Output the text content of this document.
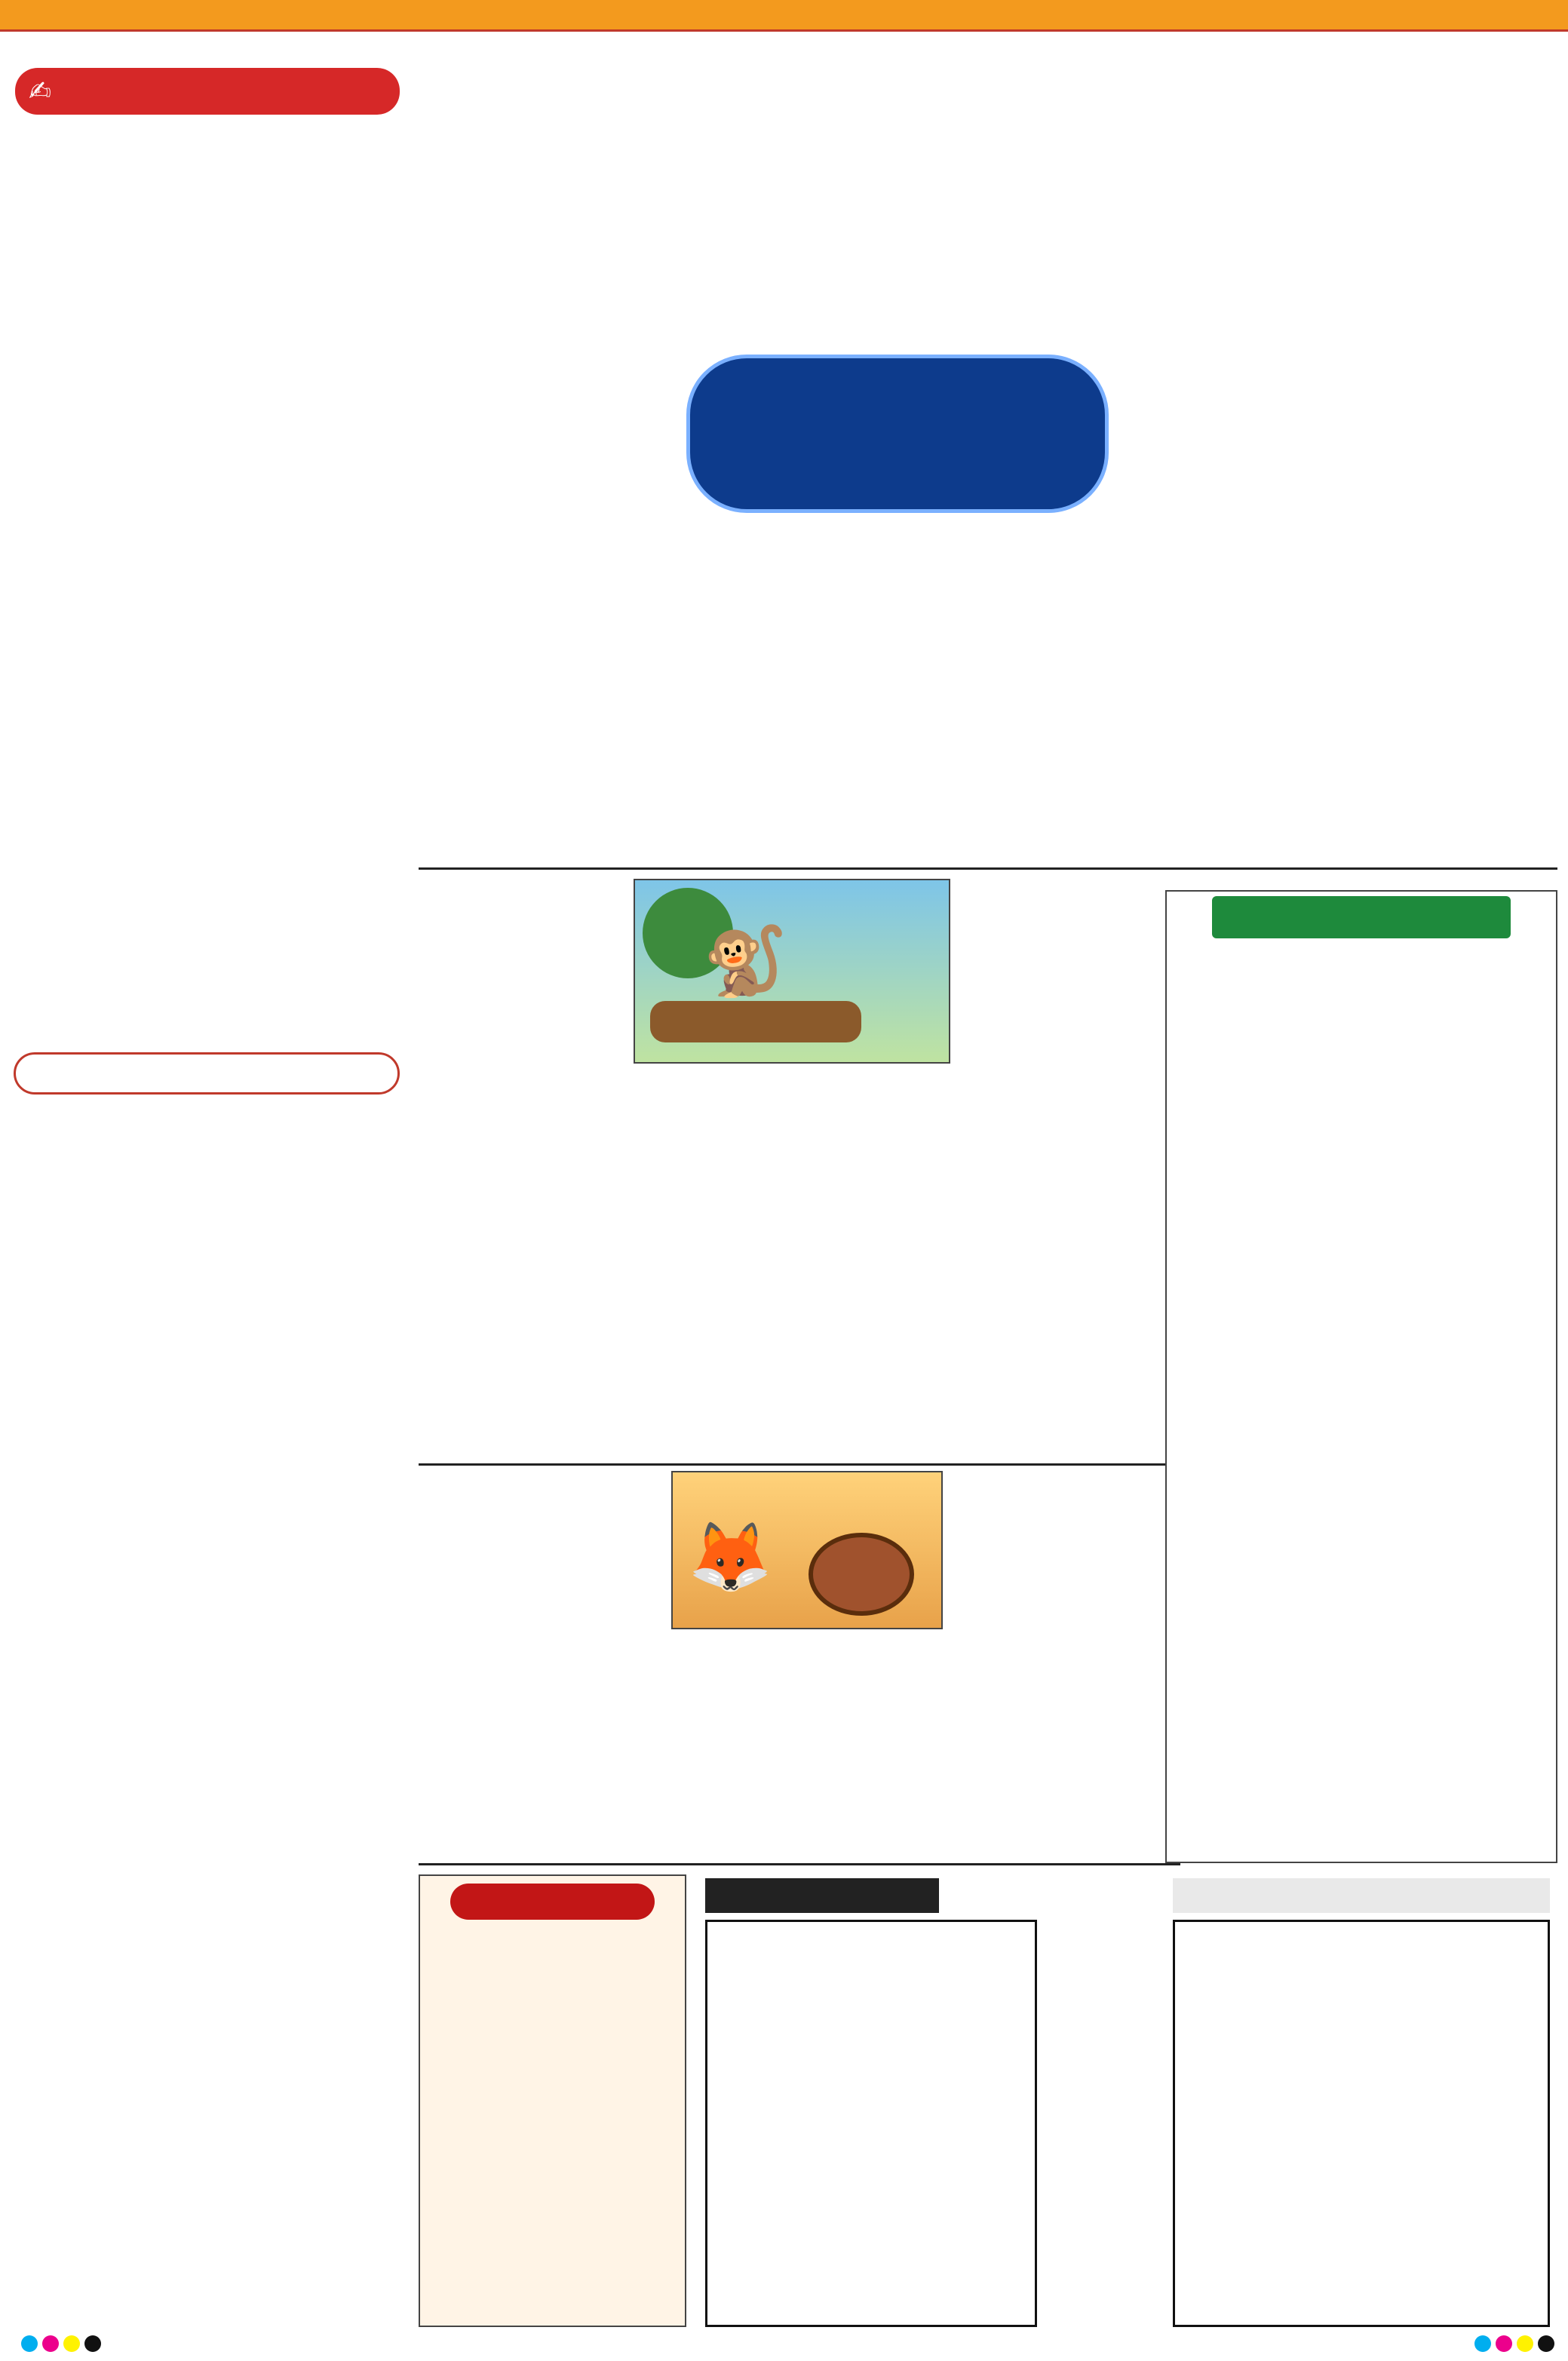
✍
🐒
🦊
